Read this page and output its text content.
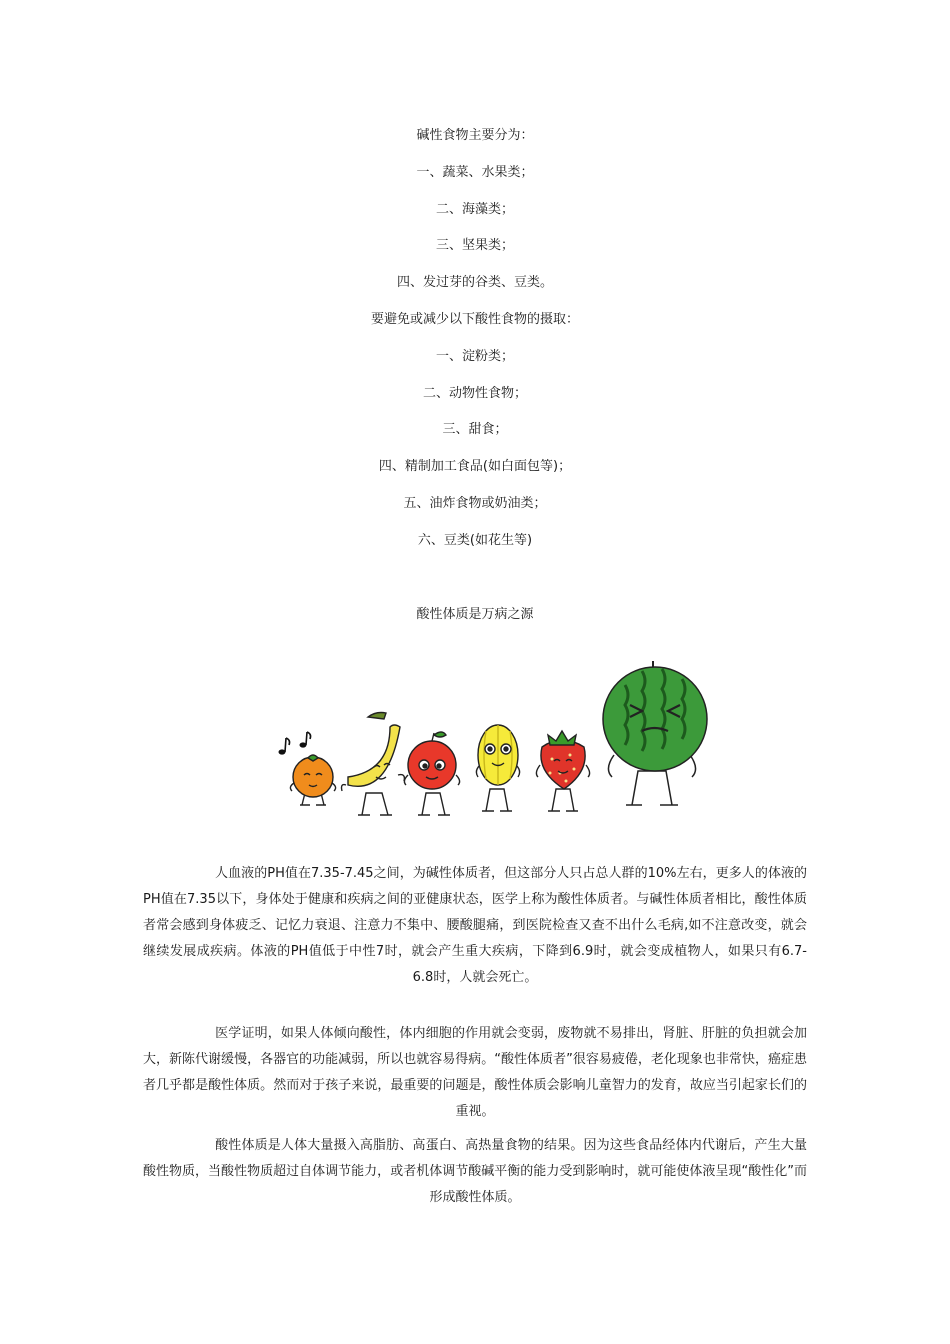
碱性食物主要分为：

一、蔬菜、水果类；

二、海藻类；

三、坚果类；

四、发过芽的谷类、豆类。

要避免或减少以下酸性食物的摄取：

一、淀粉类；

二、动物性食物；

三、甜食；

四、精制加工食品(如白面包等)；

五、油炸食物或奶油类；

六、豆类(如花生等)

酸性体质是万病之源

人血液的PH值在7.35-7.45之间，为碱性体质者，但这部分人只占总人群的10%左右，更多人的体液的PH值在7.35以下，身体处于健康和疾病之间的亚健康状态，医学上称为酸性体质者。与碱性体质者相比，酸性体质者常会感到身体疲乏、记忆力衰退、注意力不集中、腰酸腿痛，到医院检查又查不出什么毛病,如不注意改变，就会继续发展成疾病。体液的PH值低于中性7时，就会产生重大疾病，下降到6.9时，就会变成植物人，如果只有6.7-6.8时，人就会死亡。

医学证明，如果人体倾向酸性，体内细胞的作用就会变弱，废物就不易排出，肾脏、肝脏的负担就会加大，新陈代谢缓慢，各器官的功能减弱，所以也就容易得病。“酸性体质者”很容易疲倦，老化现象也非常快，癌症患者几乎都是酸性体质。然而对于孩子来说，最重要的问题是，酸性体质会影响儿童智力的发育，故应当引起家长们的重视。

酸性体质是人体大量摄入高脂肪、高蛋白、高热量食物的结果。因为这些食品经体内代谢后，产生大量酸性物质，当酸性物质超过自体调节能力，或者机体调节酸碱平衡的能力受到影响时，就可能使体液呈现“酸性化”而形成酸性体质。
